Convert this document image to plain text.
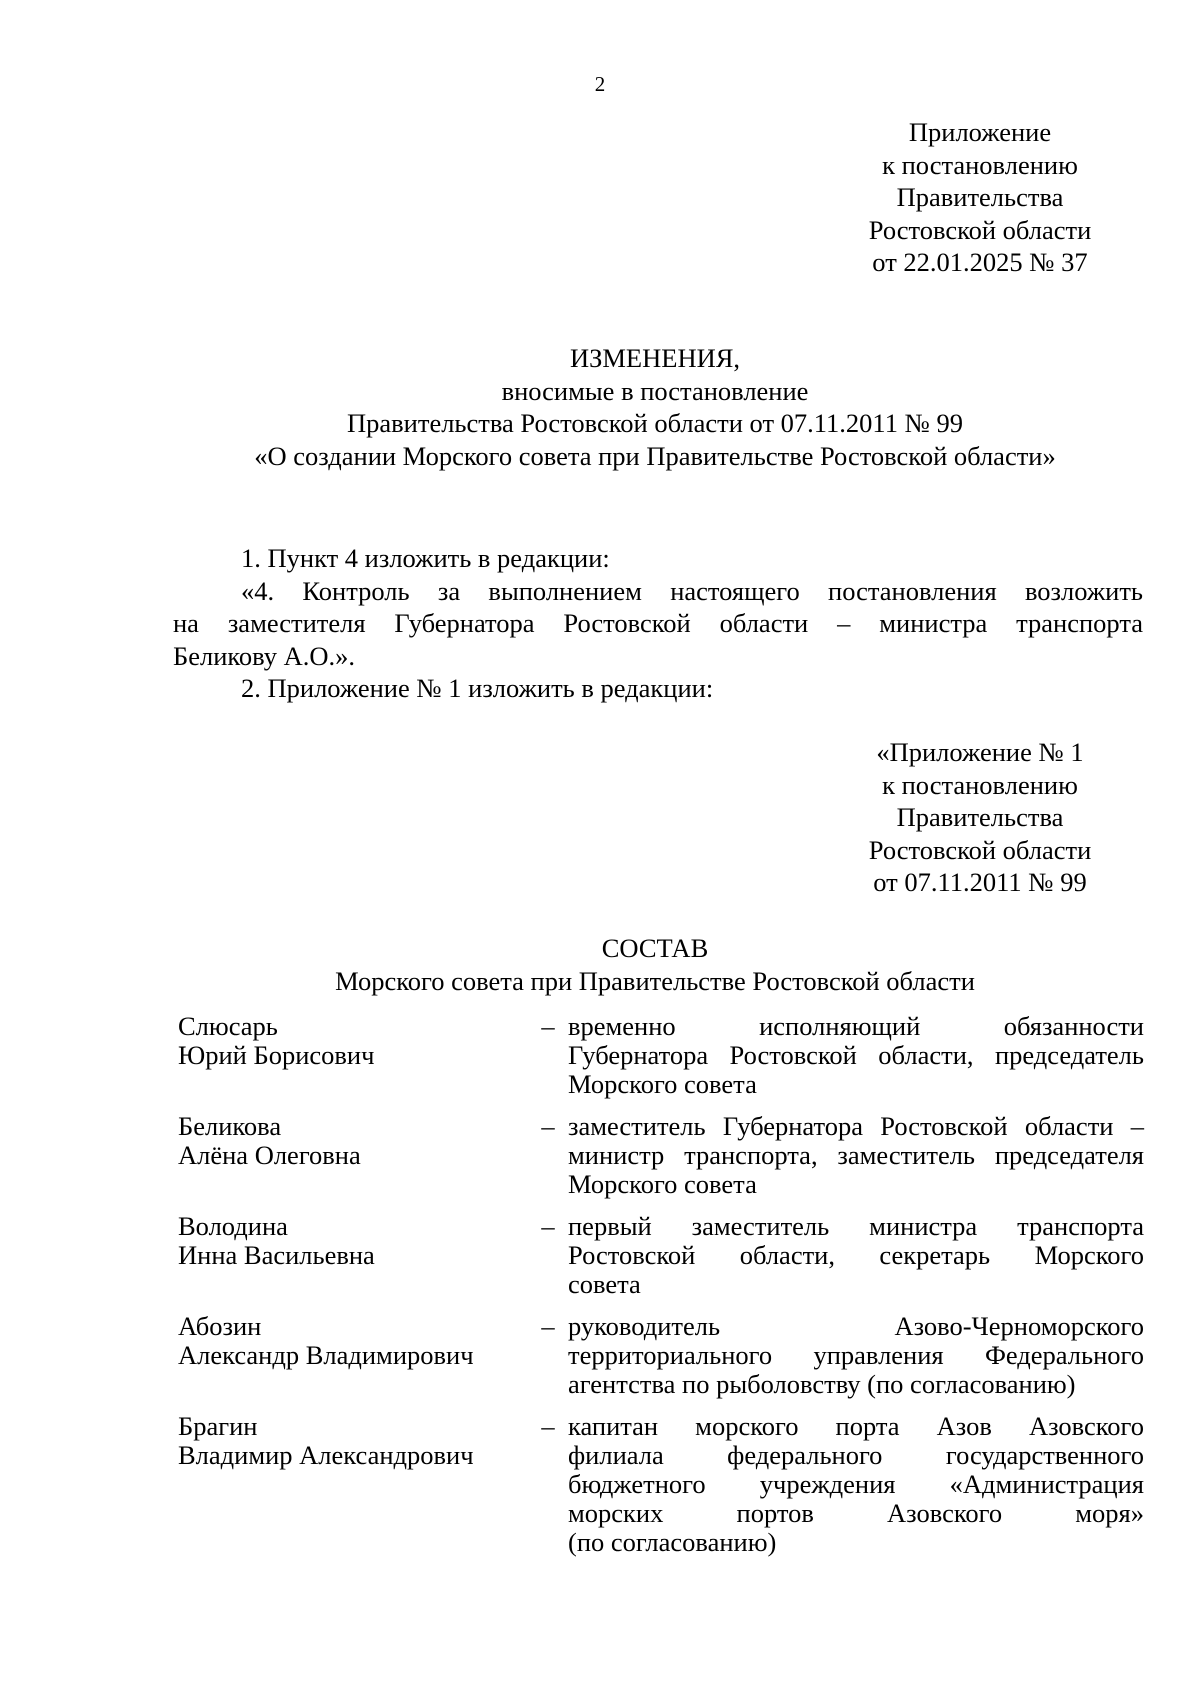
2
Приложение
к постановлению
Правительства
Ростовской области
от 22.01.2025 № 37
ИЗМЕНЕНИЯ,
вносимые в постановление
Правительства Ростовской области от 07.11.2011 № 99
«О создании Морского совета при Правительстве Ростовской области»

1. Пункт 4 изложить в редакции:

«4. Контроль за выполнением настоящего постановления возложить

на заместителя Губернатора Ростовской области – министра транспорта

Беликову А.О.».

2. Приложение № 1 изложить в редакции:

«Приложение № 1
к постановлению
Правительства
Ростовской области
от 07.11.2011 № 99
СОСТАВ
Морского совета при Правительстве Ростовской области
Слюсарь
Юрий Борисович
– временно исполняющий обязанности
Губернатора Ростовской области, председатель
Морского совета
Беликова
Алёна Олеговна
– заместитель Губернатора Ростовской области –
министр транспорта, заместитель председателя
Морского совета
Володина
Инна Васильевна
– первый заместитель министра транспорта
Ростовской области, секретарь Морского
совета
Абозин
Александр Владимирович
– руководитель Азово-Черноморского
территориального управления Федерального
агентства по рыболовству (по согласованию)
Брагин
Владимир Александрович
– капитан морского порта Азов Азовского
филиала федерального государственного
бюджетного учреждения «Администрация
морских портов Азовского моря»
(по согласованию)
